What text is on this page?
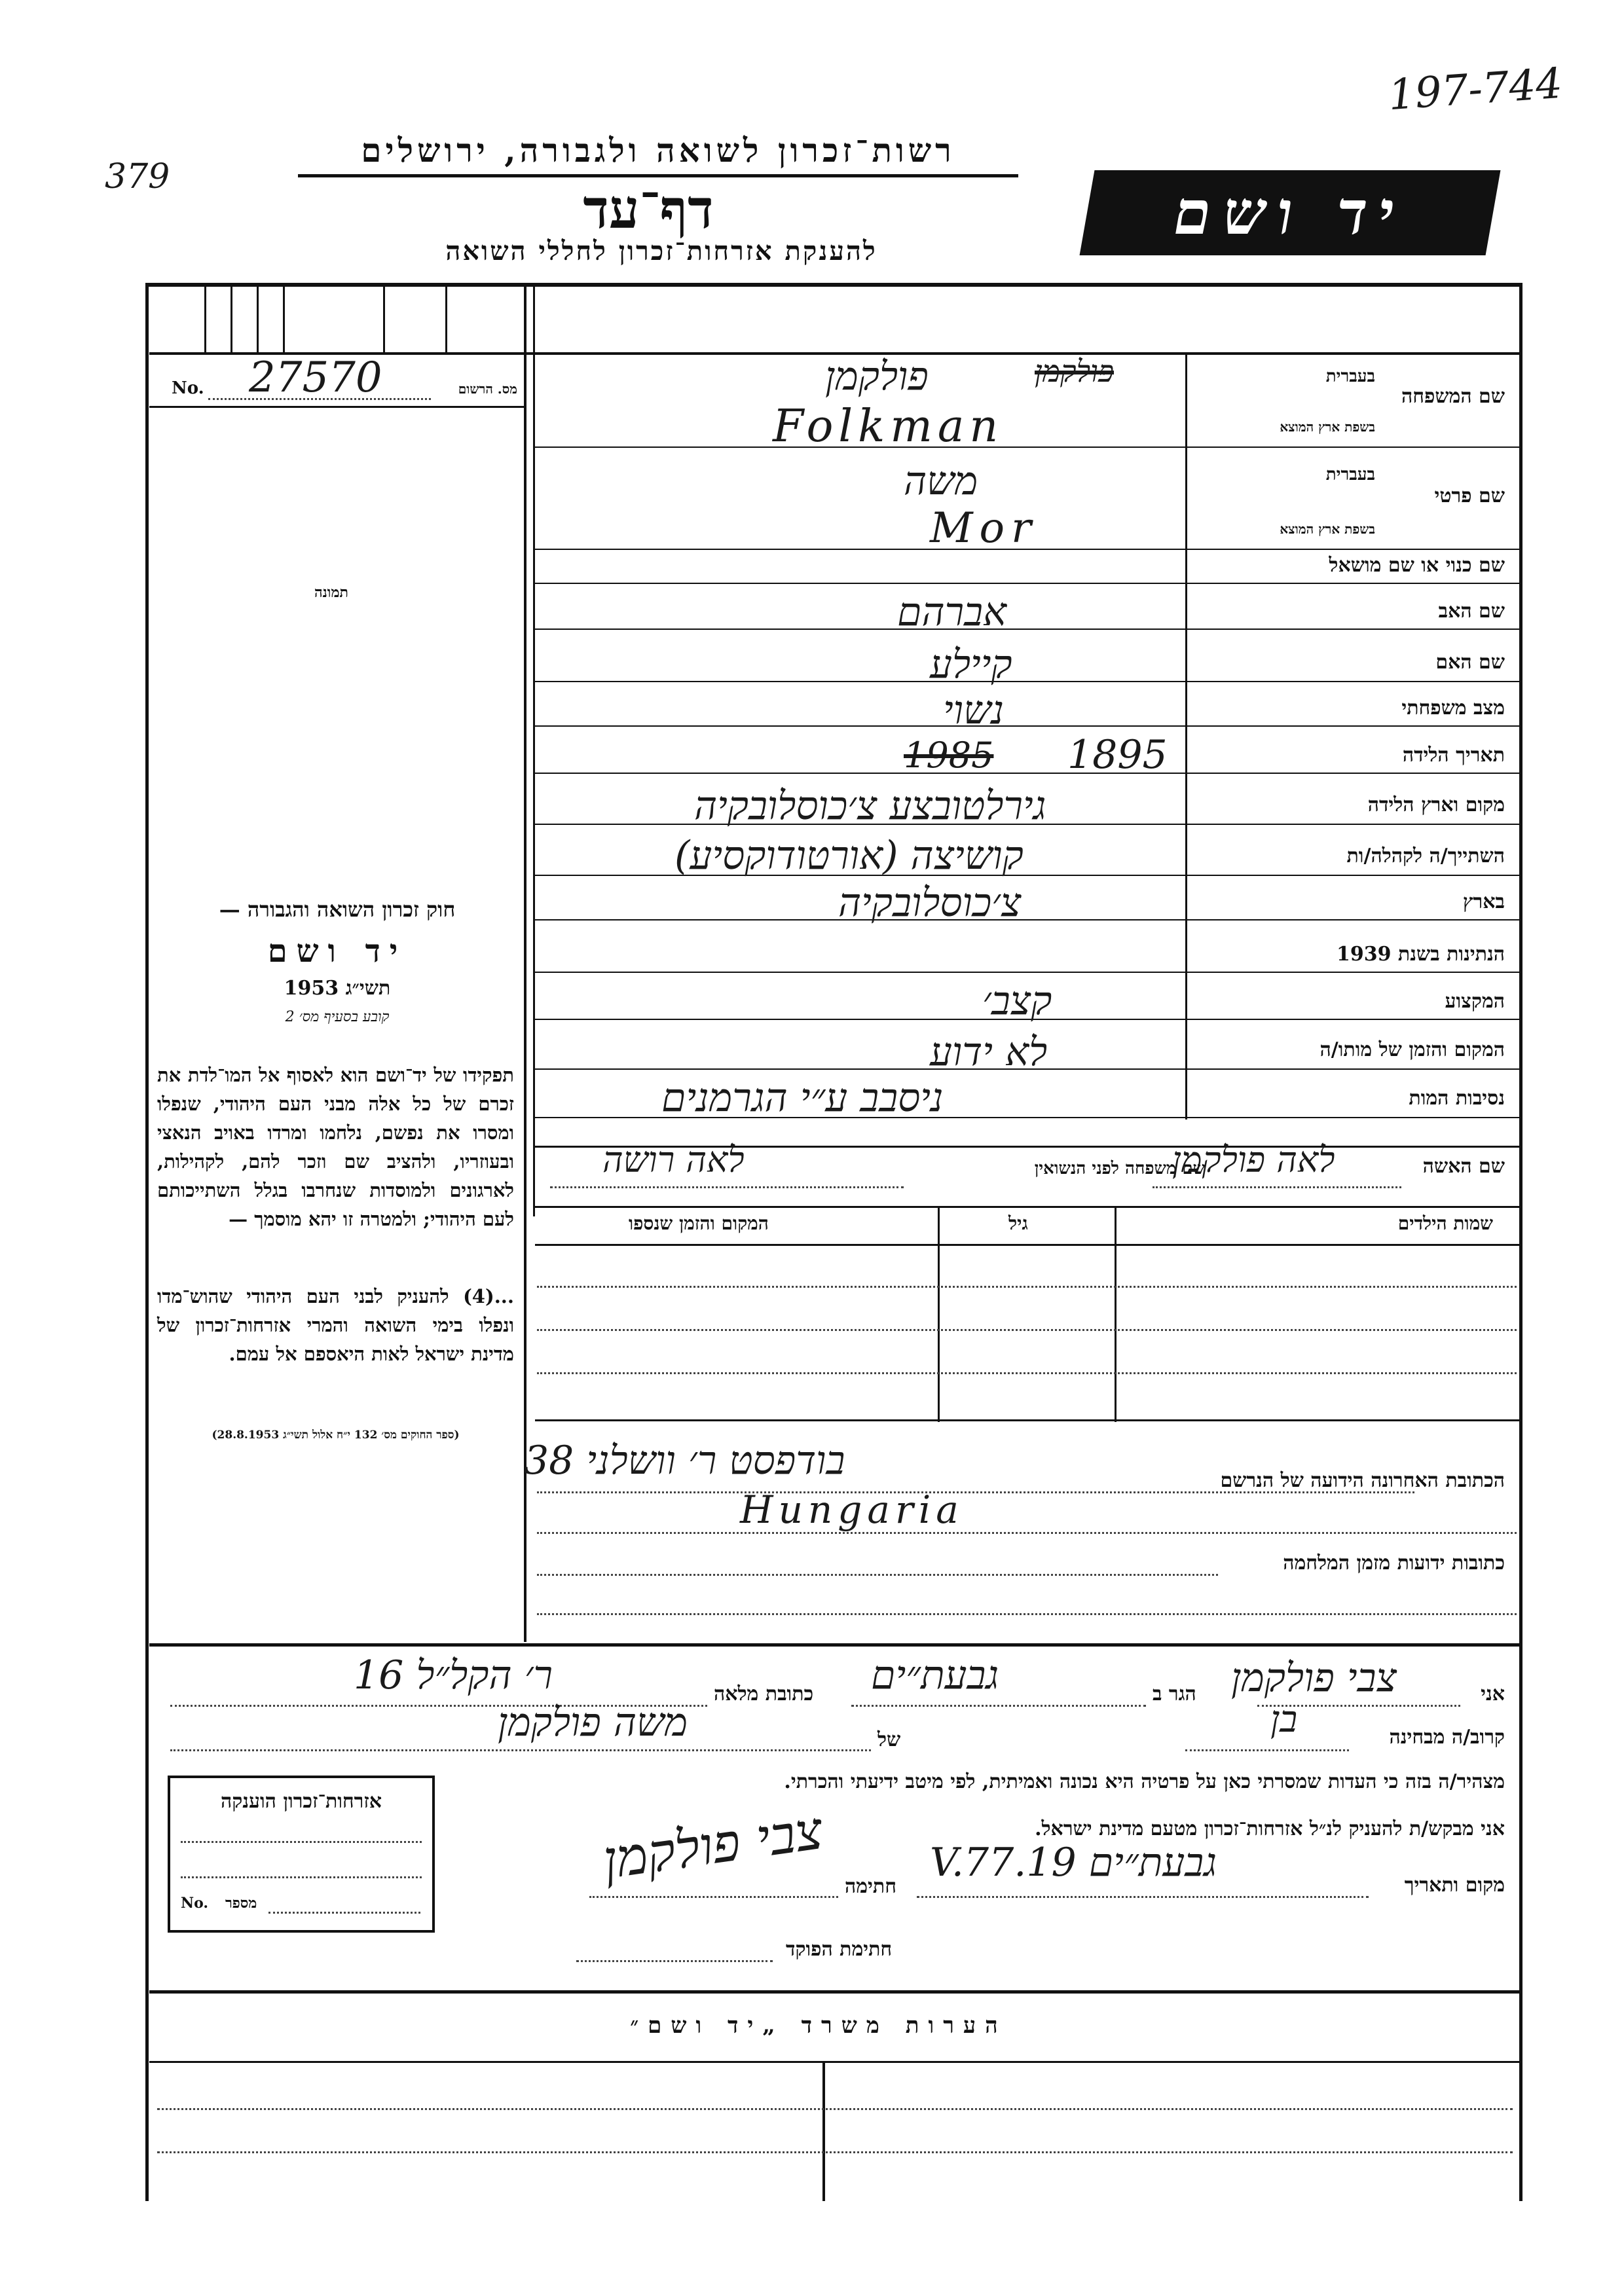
197-744
379
רשות־זכרון לשואה ולגבורה, ירושלים
דף־עד
להענקת אזרחות־זכרון לחללי השואה
יד ושם
No. 27570	מס. הרשום
תמונה
חוק זכרון השואה והגבורה —
יד ושם
תשי״ג 1953
קובע בסעיף מס׳ 2
תפקידו של יד־ושם הוא לאסוף אל המו־לדת את זכרם של כל אלה מבני העם היהודי, שנפלו ומסרו את נפשם, נלחמו ומרדו באויב הנאצי ובעוזריו, ולהציב שם וזכר להם, לקהילות, לארגונים ולמוסדות שנחרבו בגלל השתייכותם לעם היהודי; ולמטרה זו יהא מוסמך —
...(4) להעניק לבני העם היהודי שהוש־מדו ונפלו בימי השואה והמרי אזרחות־זכרון של מדינת ישראל לאות היאספם אל עמם.
(ספר החוקים מס׳ 132 י״ח אלול תשי״ג 28.8.1953)
שם המשפחה
בעברית
בשפת ארץ המוצא
שם פרטי
בעברית
בשפת ארץ המוצא
שם כנוי או שם מושאל
שם האב
שם האם
מצב משפחתי
תאריך הלידה
מקום וארץ הלידה
השתייך/ה לקהלה/ות
בארץ
הנתינות בשנת 1939
המקצוע
המקום והזמן של מותו/ה
נסיבות המות
פולקמן
פולקמן
Folkman
משה
Mor
אברהם
קיילע
נשוי
1985 1895
גירלטובצע צ׳כוסלובקיה
קושיצה (אורטודוקסיע)
צ׳כוסלובקיה
קצב׳
לא ידוע
ניסבב ע״י הגרמנים
שם האשה
שם משפחה לפני הנשואין
לאה פולקמן
לאה רושה
שמות הילדים
גיל
המקום והזמן שנספו
הכתובת האחרונה הידועה של הנרשם
בודפסט ר׳ וושלני 38
Hungaria
כתובות ידועות מזמן המלחמה
אני
צבי פולקמן
הגר ב
גבעת״ים
כתובת מלאה
ר׳ הקל״ל 16
קרוב/ה מבחינה
בן
של
משה פולקמן
מצהיר/ה בזה כי העדות שמסרתי כאן על פרטיה היא נכונה ואמיתית, לפי מיטב ידיעתי והכרתי.
אני מבקש/ת להעניק לנ״ל אזרחות־זכרון מטעם מדינת ישראל.
מקום ותאריך
גבעת״ים 19.V.77
חתימה
צבי פולקמן
חתימת הפוקד
אזרחות־זכרון הוענקה
No. מספר
הערות משרד „יד ושם״
